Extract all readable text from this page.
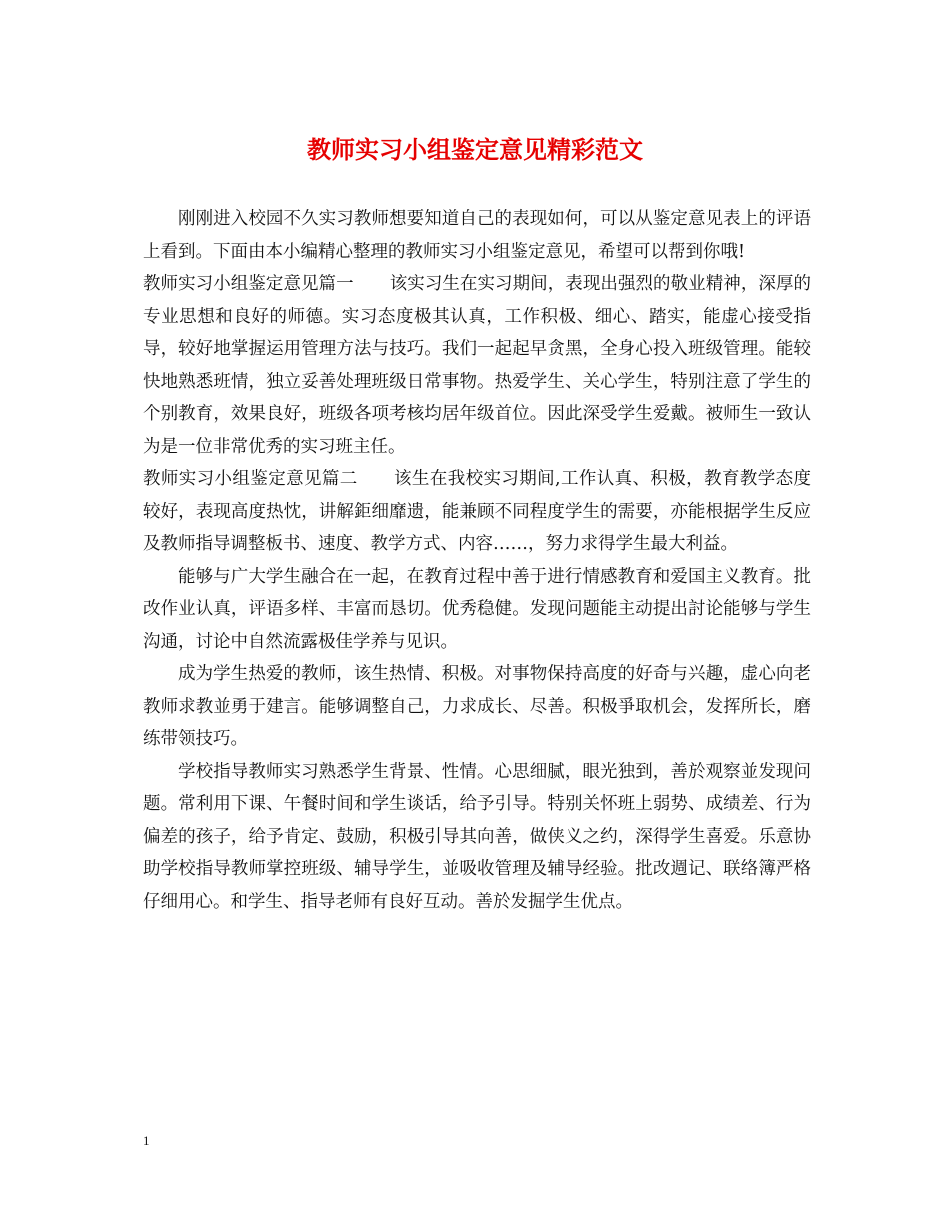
教师实习小组鉴定意见精彩范文

刚刚进入校园不久实习教师想要知道自己的表现如何，可以从鉴定意见表上的评语上看到。下面由本小编精心整理的教师实习小组鉴定意见，希望可以帮到你哦!

教师实习小组鉴定意见篇一 该实习生在实习期间，表现出强烈的敬业精神，深厚的专业思想和良好的师德。实习态度极其认真，工作积极、细心、踏实，能虚心接受指导，较好地掌握运用管理方法与技巧。我们一起起早贪黑，全身心投入班级管理。能较快地熟悉班情，独立妥善处理班级日常事物。热爱学生、关心学生，特别注意了学生的个别教育，效果良好，班级各项考核均居年级首位。因此深受学生爱戴。被师生一致认为是一位非常优秀的实习班主任。

教师实习小组鉴定意见篇二 该生在我校实习期间,工作认真、积极，教育教学态度较好，表现高度热忱，讲解鉅细靡遗，能兼顾不同程度学生的需要，亦能根据学生反应及教师指导调整板书、速度、教学方式、内容……，努力求得学生最大利益。

能够与广大学生融合在一起，在教育过程中善于进行情感教育和爱国主义教育。批改作业认真，评语多样、丰富而恳切。优秀稳健。发现问题能主动提出討论能够与学生沟通，讨论中自然流露极佳学养与见识。

成为学生热爱的教师，该生热情、积极。对事物保持高度的好奇与兴趣，虚心向老教师求教並勇于建言。能够调整自己，力求成长、尽善。积极爭取机会，发挥所长，磨练带领技巧。

学校指导教师实习熟悉学生背景、性情。心思细腻，眼光独到，善於观察並发现问题。常利用下课、午餐时间和学生谈话，给予引导。特别关怀班上弱势、成绩差、行为偏差的孩子，给予肯定、鼓励，积极引导其向善，做侠义之约，深得学生喜爱。乐意协助学校指导教师掌控班级、辅导学生，並吸收管理及辅导经验。批改週记、联络簿严格仔细用心。和学生、指导老师有良好互动。善於发掘学生优点。

1
